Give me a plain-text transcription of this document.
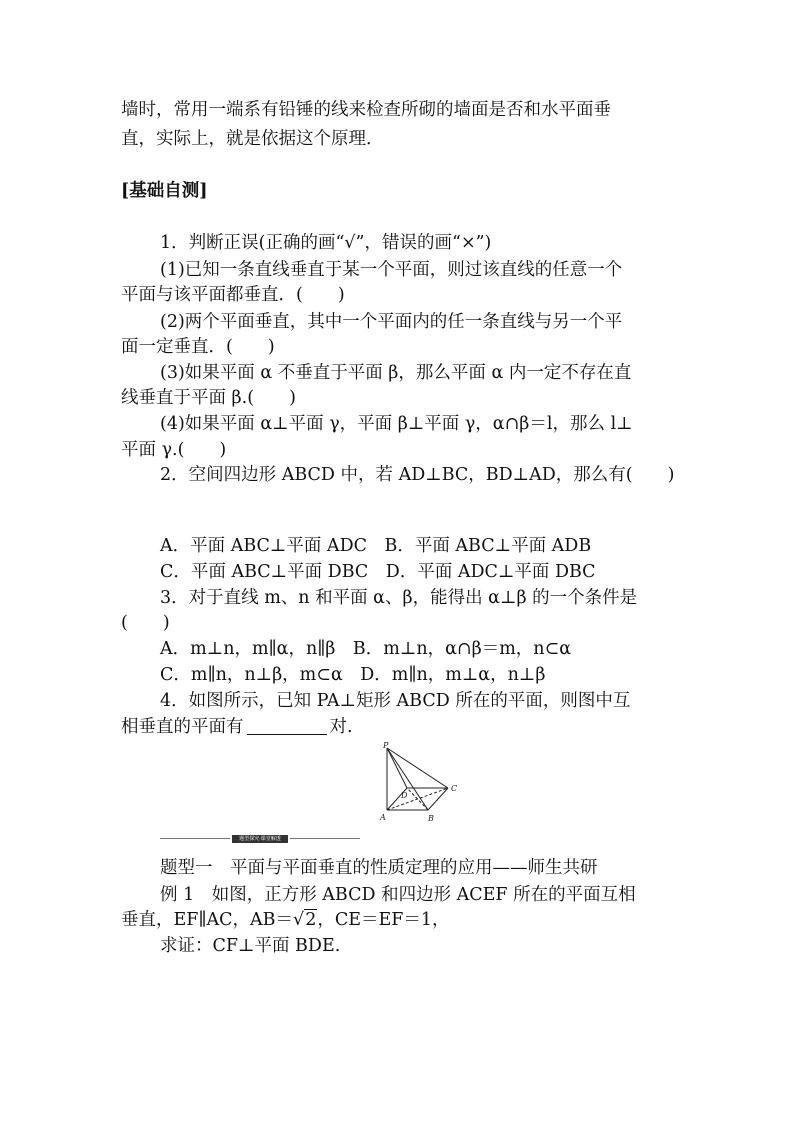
墙时，常用一端系有铅锤的线来检查所砌的墙面是否和水平面垂
直，实际上，就是依据这个原理．
[基础自测]
1．判断正误(正确的画“√”，错误的画“×”)
(1)已知一条直线垂直于某一个平面，则过该直线的任意一个
平面与该平面都垂直．(　　)
(2)两个平面垂直，其中一个平面内的任一条直线与另一个平
面一定垂直．(　　)
(3)如果平面 α 不垂直于平面 β，那么平面 α 内一定不存在直
线垂直于平面 β.(　　)
(4)如果平面 α⊥平面 γ，平面 β⊥平面 γ，α∩β＝l，那么 l⊥
平面 γ.(　　)
2．空间四边形 ABCD 中，若 AD⊥BC，BD⊥AD，那么有(　　)
A．平面 ABC⊥平面 ADC　B．平面 ABC⊥平面 ADB
C．平面 ABC⊥平面 DBC　D．平面 ADC⊥平面 DBC
3．对于直线 m、n 和平面 α、β，能得出 α⊥β 的一个条件是
(　　)
A．m⊥n，m∥α，n∥β　B．m⊥n，α∩β＝m，n⊂α
C．m∥n，n⊥β，m⊂α　D．m∥n，m⊥α，n⊥β
4．如图所示，已知 PA⊥矩形 ABCD 所在的平面，则图中互
相垂直的平面有	对.
P
A	B
C
D
题型探究·课堂解透
题型一　平面与平面垂直的性质定理的应用——师生共研
例 1　如图，正方形 ABCD 和四边形 ACEF 所在的平面互相
垂直，EF∥AC，AB＝√2，CE＝EF＝1，
求证：CF⊥平面 BDE.
